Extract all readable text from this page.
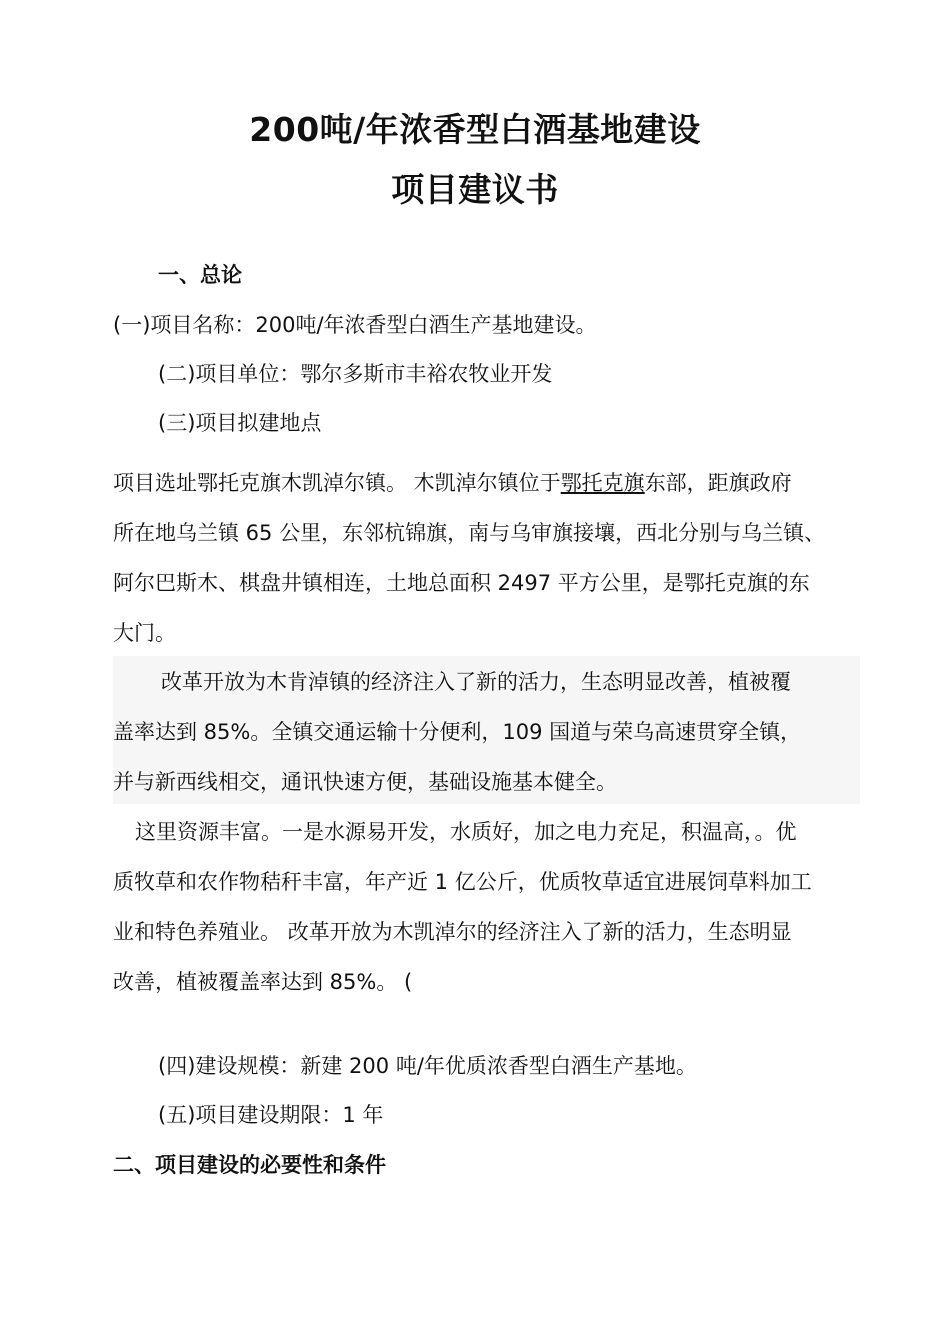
200吨/年浓香型白酒基地建设
项目建议书
一、总论
(一)项目名称：200吨/年浓香型白酒生产基地建设。
(二)项目单位：鄂尔多斯市丰裕农牧业开发
(三)项目拟建地点
项目选址鄂托克旗木凯淖尔镇。 木凯淖尔镇位于鄂托克旗东部，距旗政府
所在地乌兰镇 65 公里，东邻杭锦旗，南与乌审旗接壤，西北分别与乌兰镇、
阿尔巴斯木、棋盘井镇相连，土地总面积 2497 平方公里，是鄂托克旗的东
大门。
改革开放为木肯淖镇的经济注入了新的活力，生态明显改善，植被覆
盖率达到 85%。全镇交通运输十分便利，109 国道与荣乌高速贯穿全镇，
并与新西线相交，通讯快速方便，基础设施基本健全。
这里资源丰富。一是水源易开发，水质好，加之电力充足，积温高，。优
质牧草和农作物秸秆丰富，年产近 1 亿公斤，优质牧草适宜进展饲草料加工
业和特色养殖业。 改革开放为木凯淖尔的经济注入了新的活力，生态明显
改善，植被覆盖率达到 85%。 (
(四)建设规模：新建 200 吨/年优质浓香型白酒生产基地。
(五)项目建设期限：1 年
二、项目建设的必要性和条件
